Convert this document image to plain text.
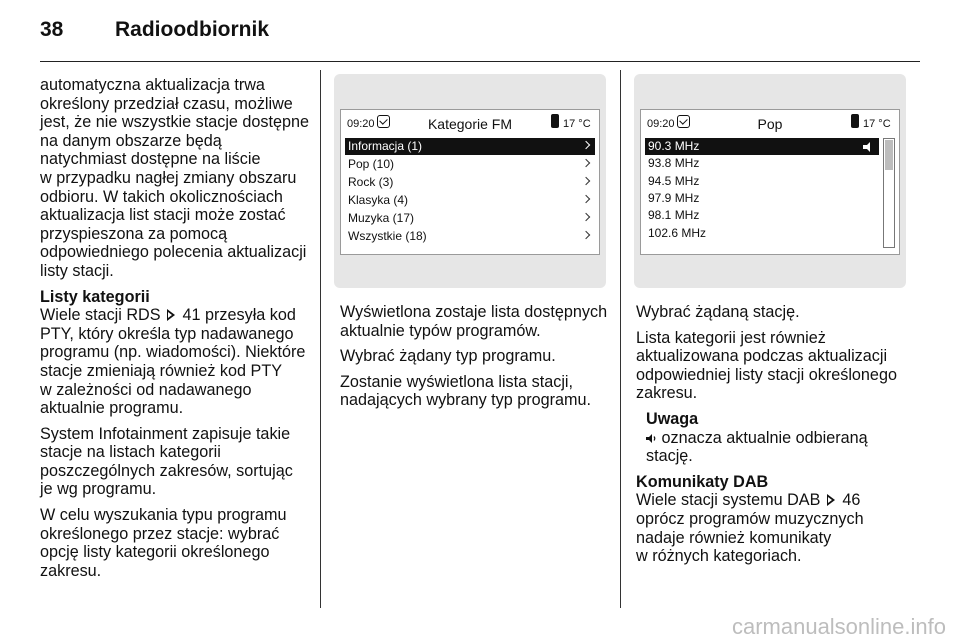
38 Radioodbiornik

automatyczna aktualizacja trwa
określony przedział czasu, możliwe
jest, że nie wszystkie stacje dostępne
na danym obszarze będą
natychmiast dostępne na liście
w przypadku nagłej zmiany obszaru
odbioru. W takich okolicznościach
aktualizacja list stacji może zostać
przyspieszona za pomocą
odpowiedniego polecenia aktualizacji
listy stacji.

Listy kategorii
Wiele stacji RDS 41 przesyła kod
PTY, który określa typ nadawanego
programu (np. wiadomości). Niektóre
stacje zmieniają również kod PTY
w zależności od nadawanego
aktualnie programu.

System Infotainment zapisuje takie
stacje na listach kategorii
poszczególnych zakresów, sortując
je wg programu.

W celu wyszukania typu programu
określonego przez stacje: wybrać
opcję listy kategorii określonego
zakresu.

09:20	Kategorie FM	17 °C
Informacja (1)
Pop (10)
Rock (3)
Klasyka (4)
Muzyka (17)
Wszystkie (18)

Wyświetlona zostaje lista dostępnych
aktualnie typów programów.

Wybrać żądany typ programu.

Zostanie wyświetlona lista stacji,
nadających wybrany typ programu.

09:20	Pop	17 °C
90.3 MHz
93.8 MHz
94.5 MHz
97.9 MHz
98.1 MHz
102.6 MHz

Wybrać żądaną stację.

Lista kategorii jest również
aktualizowana podczas aktualizacji
odpowiedniej listy stacji określonego
zakresu.

Uwaga
oznacza aktualnie odbieraną
stację.

Komunikaty DAB
Wiele stacji systemu DAB 46
oprócz programów muzycznych
nadaje również komunikaty
w różnych kategoriach.

carmanualsonline.info
